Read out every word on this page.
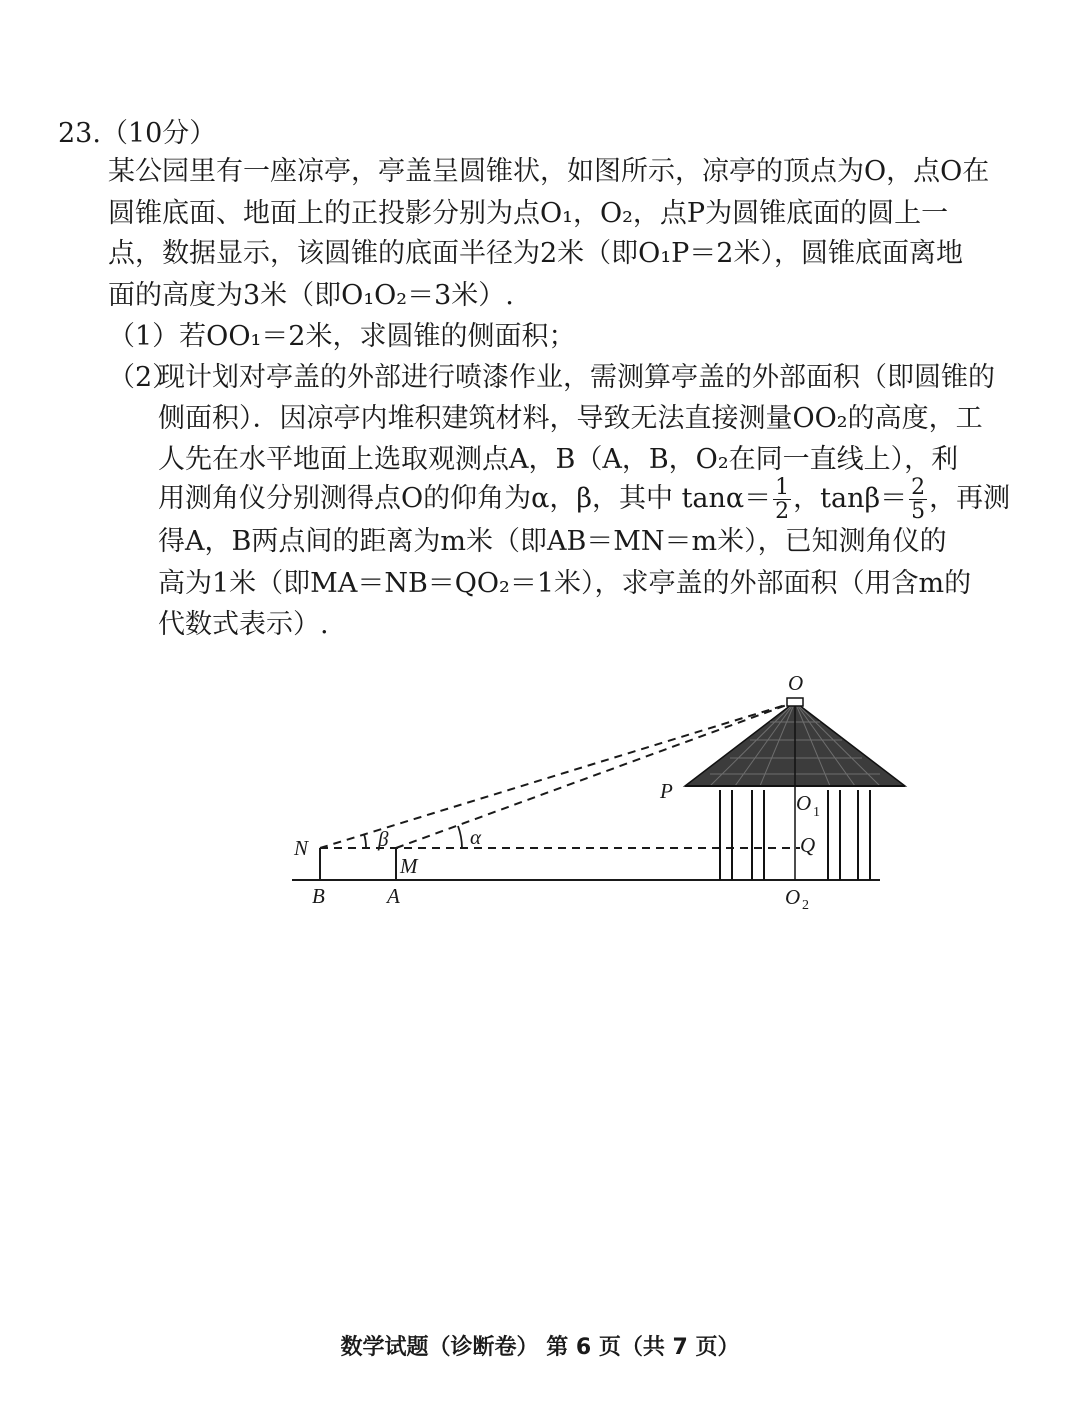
23.（10分）
某公园里有一座凉亭，亭盖呈圆锥状，如图所示，凉亭的顶点为O，点O在
圆锥底面、地面上的正投影分别为点O₁，O₂，点P为圆锥底面的圆上一
点，数据显示，该圆锥的底面半径为2米（即O₁P＝2米），圆锥底面离地
面的高度为3米（即O₁O₂＝3米）.
（1）若OO₁＝2米，求圆锥的侧面积；
（2）
现计划对亭盖的外部进行喷漆作业，需测算亭盖的外部面积（即圆锥的
侧面积）．因凉亭内堆积建筑材料，导致无法直接测量OO₂的高度，工
人先在水平地面上选取观测点A，B（A，B，O₂在同一直线上），利
用测角仪分别测得点O的仰角为α，β，其中 $\tan\alpha= \frac{1}{2}$ ，$\tan\beta= \frac{2}{5}$ ，再测
得A，B两点间的距离为m米（即AB＝MN＝m米），已知测角仪的
高为1米（即MA＝NB＝QO₂＝1米），求亭盖的外部面积（用含m的
代数式表示）.
O
P	O 1
Q
O 2
N
M
B	A
α
β
数学试题（诊断卷） 第 6 页（共 7 页）
